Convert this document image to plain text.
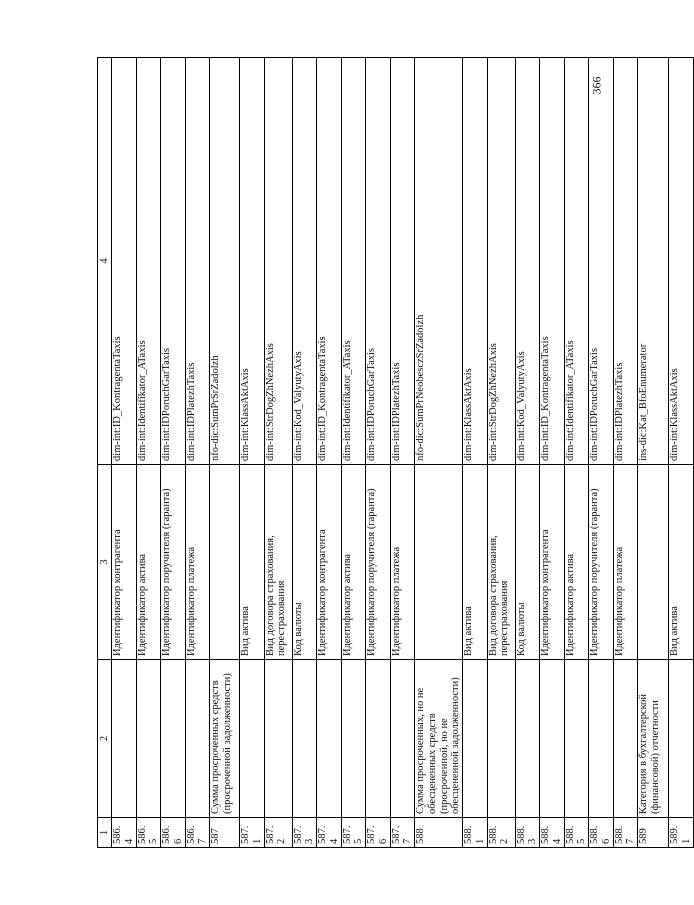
366
1	2	3	4
586.4		Идентификатор контрагента	dim-int:ID_KontragentaTaxis
586.5		Идентификатор актива	dim-int:Identifikator_ATaxis
586.6		Идентификатор поручителя (гаранта)	dim-int:IDPoruchGarTaxis
586.7		Идентификатор платежа	dim-int:IDPlatezhTaxis
587	Сумма просроченных средств (просроченной задолженности)		nfo-dic:SumPrSrZadolzh
587.1		Вид актива	dim-int:KlassAktAxis
587.2		Вид договора страхования, перестрахования	dim-int:StrDogZhNezhAxis
587.3		Код валюты	dim-int:Kod_ValyutyAxis
587.4		Идентификатор контрагента	dim-int:ID_KontragentaTaxis
587.5		Идентификатор актива	dim-int:Identifikator_ATaxis
587.6		Идентификатор поручителя (гаранта)	dim-int:IDPoruchGarTaxis
587.7		Идентификатор платежа	dim-int:IDPlatezhTaxis
588	Сумма просроченных, но не обесцененных средств (просроченной, но не обесцененной задолженности)		nfo-dic:SumPrNeobesczSrZadolzh
588.1		Вид актива	dim-int:KlassAktAxis
588.2		Вид договора страхования, перестрахования	dim-int:StrDogZhNezhAxis
588.3		Код валюты	dim-int:Kod_ValyutyAxis
588.4		Идентификатор контрагента	dim-int:ID_KontragentaTaxis
588.5		Идентификатор актива	dim-int:Identifikator_ATaxis
588.6		Идентификатор поручителя (гаранта)	dim-int:IDPoruchGarTaxis
588.7		Идентификатор платежа	dim-int:IDPlatezhTaxis
589	Категория в бухгалтерской (финансовой) отчетности		ins-dic:Kat_BfoEnumerator
589.1		Вид актива	dim-int:KlassAktAxis
